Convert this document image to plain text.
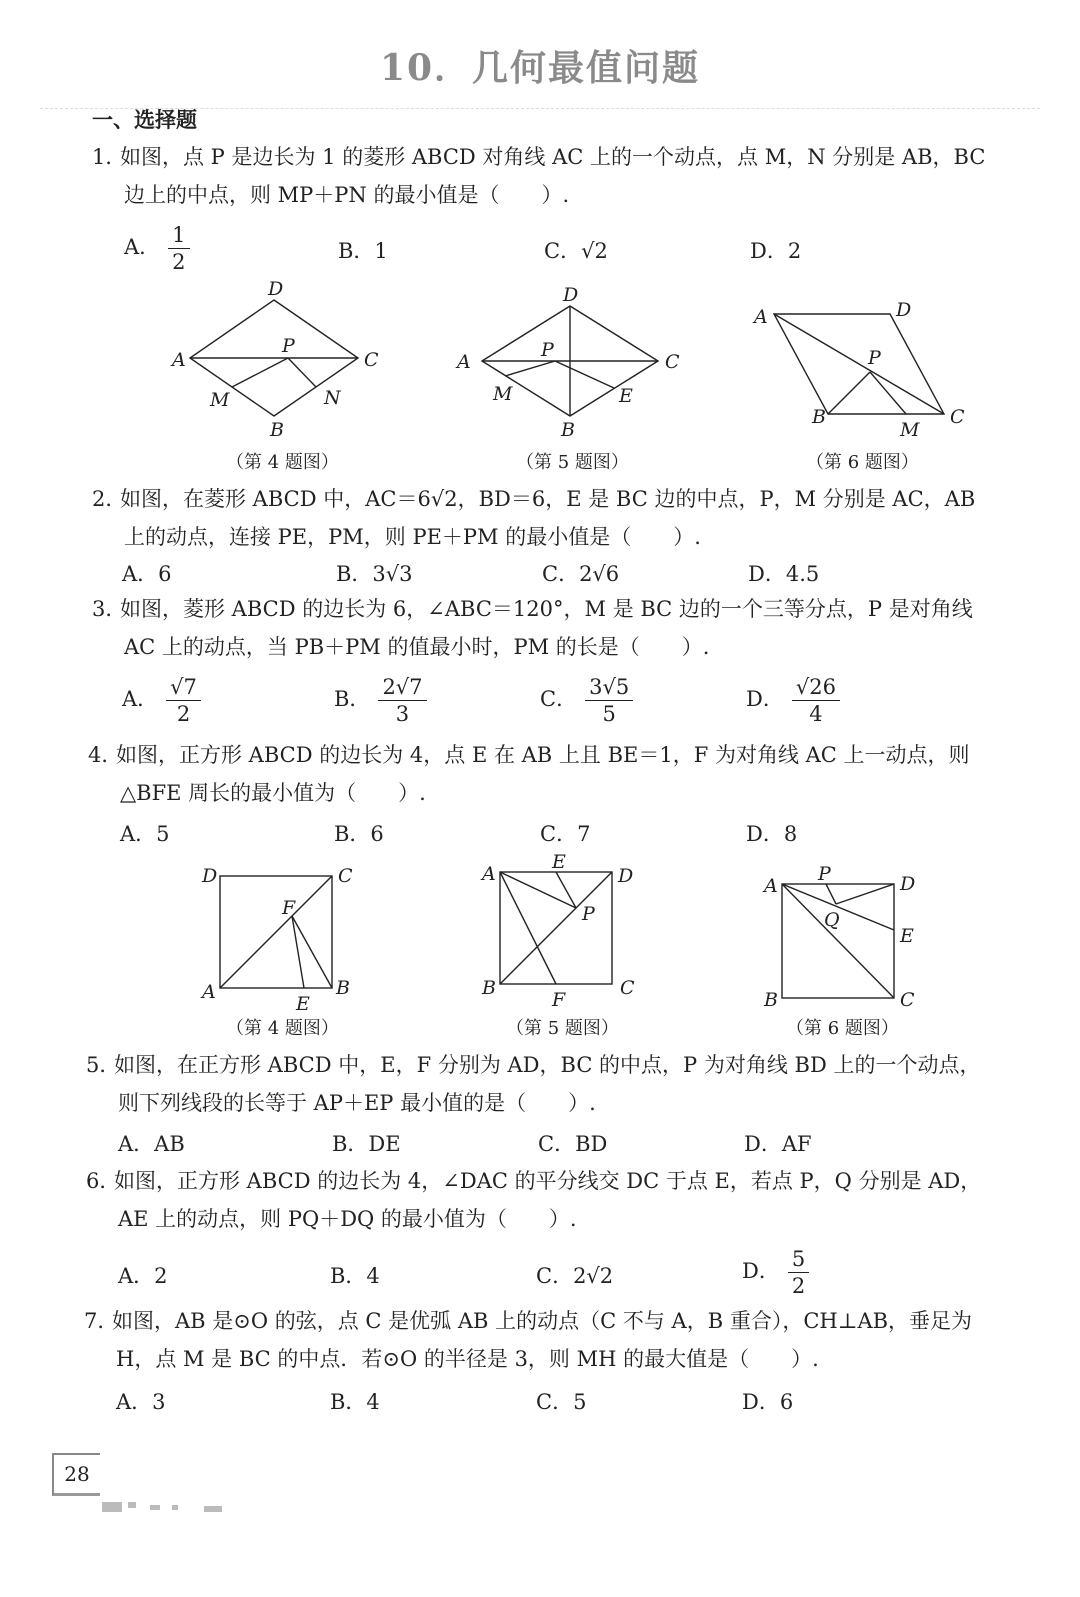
10．几何最值问题
一、选择题
1．如图，点 P 是边长为 1 的菱形 ABCD 对角线 AC 上的一个动点，点 M，N 分别是 AB，BC
边上的中点，则 MP＋PN 的最小值是（　　）.
A． $\frac{1}{2}$	B．1	C．√2	D．2
D
A
P
C
M	N
B
（第 4 题图）
D
A
P
C
M	E
B
（第 5 题图）
A	D
P
B
M
C
（第 6 题图）
2．如图，在菱形 ABCD 中，AC＝6√2，BD＝6，E 是 BC 边的中点，P，M 分别是 AC，AB
上的动点，连接 PE，PM，则 PE＋PM 的最小值是（　　）.
A．6	B．3√3	C．2√6	D．4.5
3．如图，菱形 ABCD 的边长为 6，∠ABC＝120°，M 是 BC 边的一个三等分点，P 是对角线
AC 上的动点，当 PB＋PM 的值最小时，PM 的长是（　　）.
A． $\frac{√7}{2}$	B． $\frac{2√7}{3}$	C． $\frac{3√5}{5}$	D． $\frac{√26}{4}$
4．如图，正方形 ABCD 的边长为 4，点 E 在 AB 上且 BE＝1，F 为对角线 AC 上一动点，则
△BFE 周长的最小值为（　　）.
A．5	B．6	C．7	D．8
D	C
F
A
E
B
（第 4 题图）
A
E
D
P
B
F
C
（第 5 题图）
A
P	D
Q
E
B	C
（第 6 题图）
5．如图，在正方形 ABCD 中，E，F 分别为 AD，BC 的中点，P 为对角线 BD 上的一个动点，
则下列线段的长等于 AP＋EP 最小值的是（　　）.
A．AB	B．DE	C．BD	D．AF
6．如图，正方形 ABCD 的边长为 4，∠DAC 的平分线交 DC 于点 E，若点 P，Q 分别是 AD，
AE 上的动点，则 PQ＋DQ 的最小值为（　　）.
A．2	B．4	C．2√2	D． $\frac{5}{2}$
7．如图，AB 是⊙O 的弦，点 C 是优弧 AB 上的动点（C 不与 A，B 重合），CH⊥AB，垂足为
H，点 M 是 BC 的中点．若⊙O 的半径是 3，则 MH 的最大值是（　　）.
A．3	B．4	C．5	D．6
28
